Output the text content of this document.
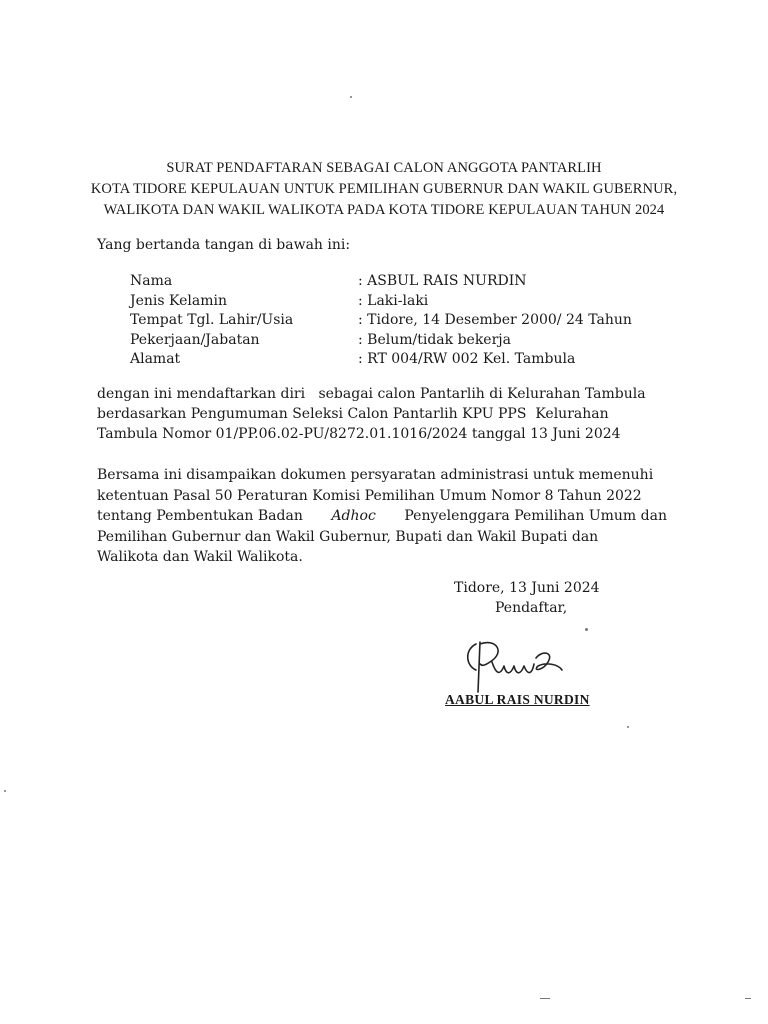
SURAT PENDAFTARAN SEBAGAI CALON ANGGOTA PANTARLIH
KOTA TIDORE KEPULAUAN UNTUK PEMILIHAN GUBERNUR DAN WAKIL GUBERNUR,
WALIKOTA DAN WAKIL WALIKOTA PADA KOTA TIDORE KEPULAUAN TAHUN 2024
Yang bertanda tangan di bawah ini:
Nama	: ASBUL RAIS NURDIN
Jenis Kelamin	: Laki-laki
Tempat Tgl. Lahir/Usia	: Tidore, 14 Desember 2000/ 24 Tahun
Pekerjaan/Jabatan	: Belum/tidak bekerja
Alamat	: RT 004/RW 002 Kel. Tambula
dengan ini mendaftarkan diri   sebagai calon Pantarlih di Kelurahan Tambula
berdasarkan Pengumuman Seleksi Calon Pantarlih KPU PPS  Kelurahan
Tambula Nomor 01/PP.06.02-PU/8272.01.1016/2024 tanggal 13 Juni 2024
Bersama ini disampaikan dokumen persyaratan administrasi untuk memenuhi
ketentuan Pasal 50 Peraturan Komisi Pemilihan Umum Nomor 8 Tahun 2022
tentang Pembentukan Badan Adhoc Penyelenggara Pemilihan Umum dan
Pemilihan Gubernur dan Wakil Gubernur, Bupati dan Wakil Bupati dan
Walikota dan Wakil Walikota.
Tidore, 13 Juni 2024
Pendaftar,
AABUL RAIS NURDIN
